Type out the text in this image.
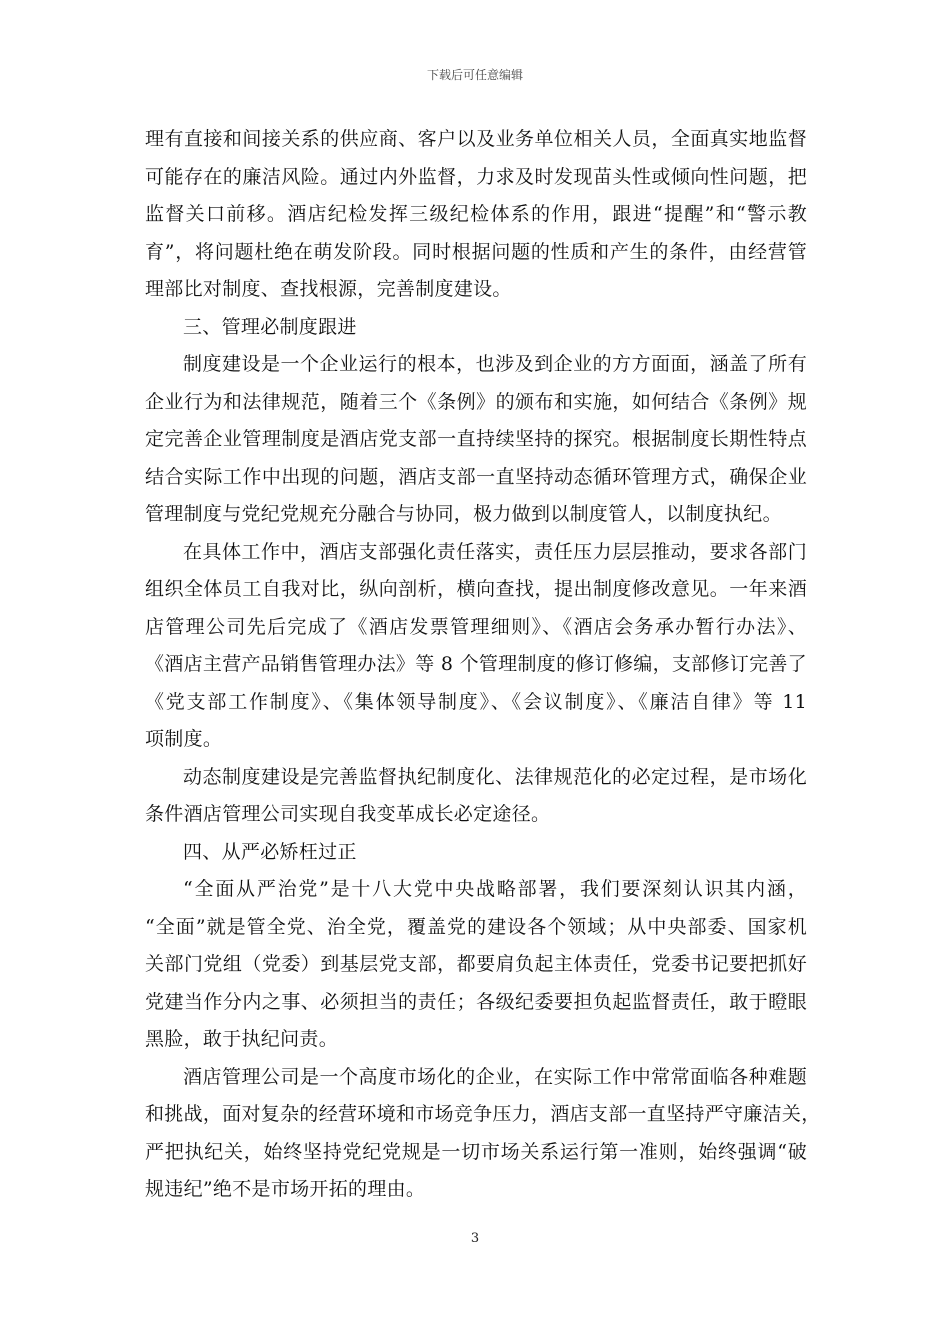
下载后可任意编辑
理有直接和间接关系的供应商、客户以及业务单位相关人员，全面真实地监督
可能存在的廉洁风险。通过内外监督，力求及时发现苗头性或倾向性问题，把
监督关口前移。酒店纪检发挥三级纪检体系的作用，跟进“提醒”和“警示教
育”，将问题杜绝在萌发阶段。同时根据问题的性质和产生的条件，由经营管
理部比对制度、查找根源，完善制度建设。
三、管理必制度跟进
制度建设是一个企业运行的根本，也涉及到企业的方方面面，涵盖了所有
企业行为和法律规范，随着三个《条例》的颁布和实施，如何结合《条例》规
定完善企业管理制度是酒店党支部一直持续坚持的探究。根据制度长期性特点
结合实际工作中出现的问题，酒店支部一直坚持动态循环管理方式，确保企业
管理制度与党纪党规充分融合与协同，极力做到以制度管人，以制度执纪。
在具体工作中，酒店支部强化责任落实，责任压力层层推动，要求各部门
组织全体员工自我对比，纵向剖析，横向查找，提出制度修改意见。一年来酒
店管理公司先后完成了《酒店发票管理细则》、《酒店会务承办暂行办法》、
《酒店主营产品销售管理办法》等 8 个管理制度的修订修编，支部修订完善了
《党支部工作制度》、《集体领导制度》、《会议制度》、《廉洁自律》等 11
项制度。
动态制度建设是完善监督执纪制度化、法律规范化的必定过程，是市场化
条件酒店管理公司实现自我变革成长必定途径。
四、从严必矫枉过正
“全面从严治党”是十八大党中央战略部署，我们要深刻认识其内涵，
“全面”就是管全党、治全党，覆盖党的建设各个领域；从中央部委、国家机
关部门党组（党委）到基层党支部，都要肩负起主体责任，党委书记要把抓好
党建当作分内之事、必须担当的责任；各级纪委要担负起监督责任，敢于瞪眼
黑脸，敢于执纪问责。
酒店管理公司是一个高度市场化的企业，在实际工作中常常面临各种难题
和挑战，面对复杂的经营环境和市场竞争压力，酒店支部一直坚持严守廉洁关，
严把执纪关，始终坚持党纪党规是一切市场关系运行第一准则，始终强调“破
规违纪”绝不是市场开拓的理由。
3
